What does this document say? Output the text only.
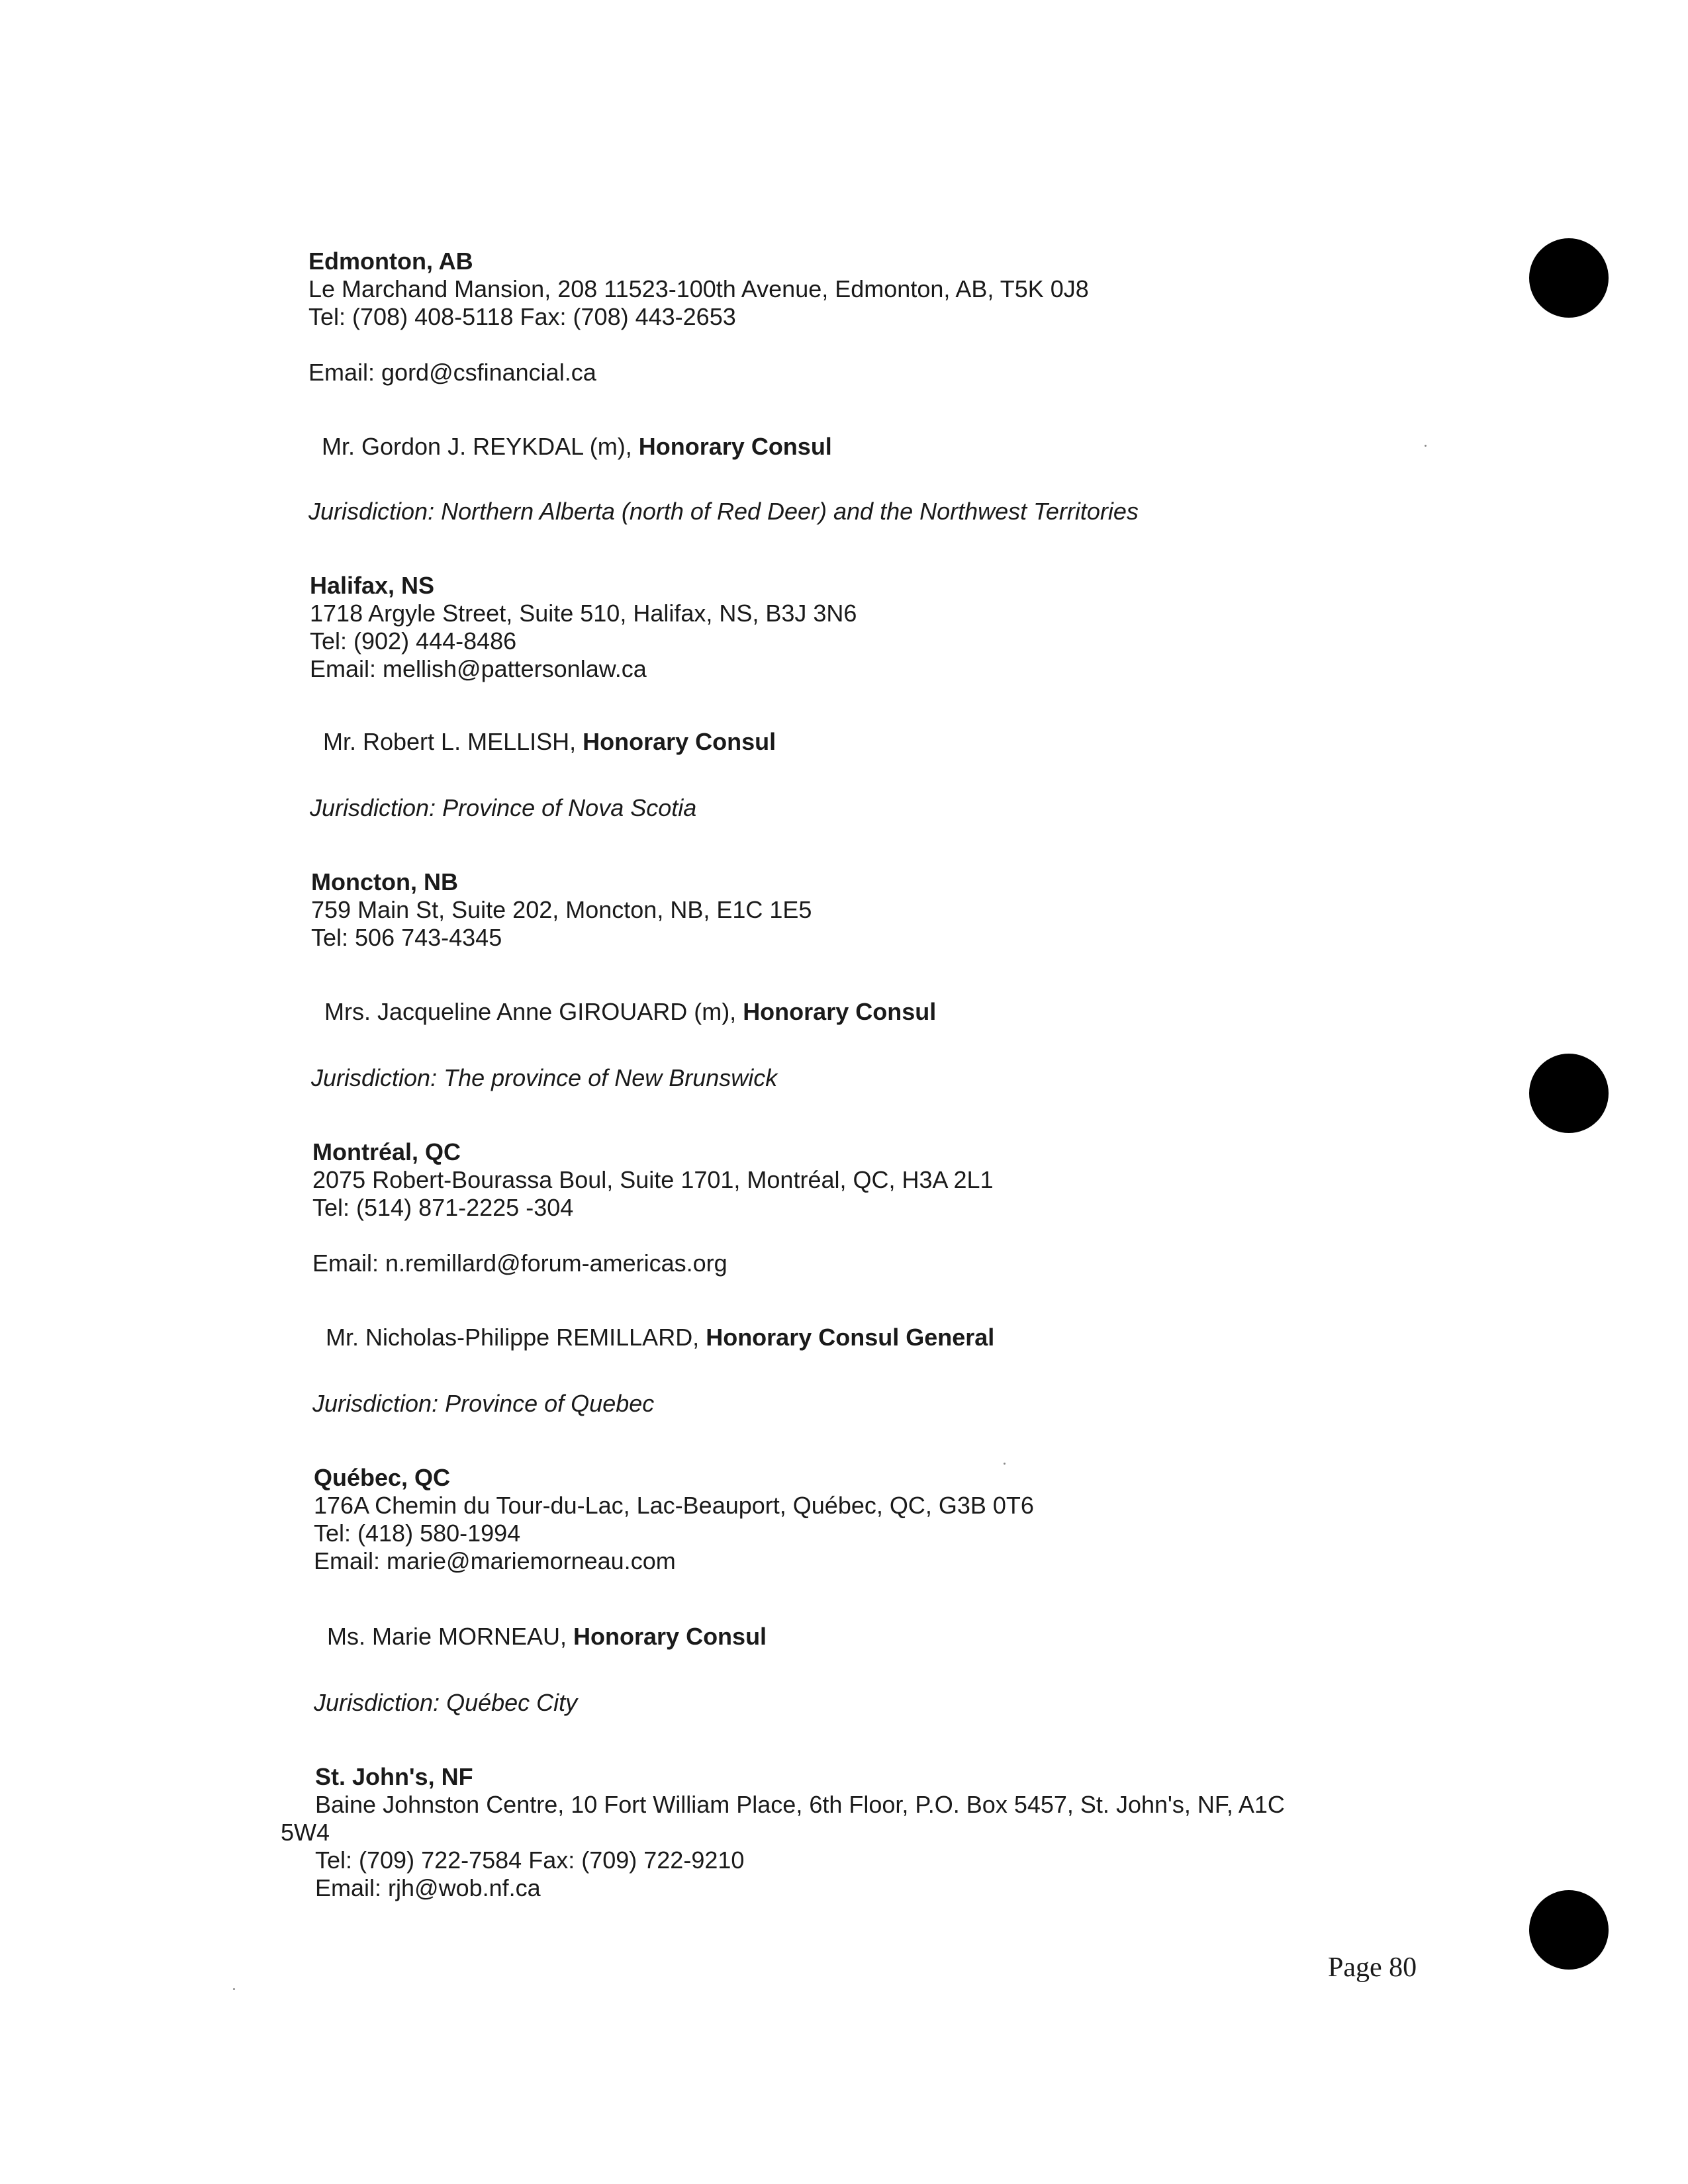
Edmonton, AB
Le Marchand Mansion, 208 11523-100th Avenue, Edmonton, AB, T5K 0J8
Tel: (708) 408-5118 Fax: (708) 443-2653
Email: gord@csfinancial.ca
Mr. Gordon J. REYKDAL (m), Honorary Consul
Jurisdiction: Northern Alberta (north of Red Deer) and the Northwest Territories
Halifax, NS
1718 Argyle Street, Suite 510, Halifax, NS, B3J 3N6
Tel: (902) 444-8486
Email: mellish@pattersonlaw.ca
Mr. Robert L. MELLISH, Honorary Consul
Jurisdiction: Province of Nova Scotia
Moncton, NB
759 Main St, Suite 202, Moncton, NB, E1C 1E5
Tel: 506 743-4345
Mrs. Jacqueline Anne GIROUARD (m), Honorary Consul
Jurisdiction: The province of New Brunswick
Montréal, QC
2075 Robert-Bourassa Boul, Suite 1701, Montréal, QC, H3A 2L1
Tel: (514) 871-2225 -304
Email: n.remillard@forum-americas.org
Mr. Nicholas-Philippe REMILLARD, Honorary Consul General
Jurisdiction: Province of Quebec
Québec, QC
176A Chemin du Tour-du-Lac, Lac-Beauport, Québec, QC, G3B 0T6
Tel: (418) 580-1994
Email: marie@mariemorneau.com
Ms. Marie MORNEAU, Honorary Consul
Jurisdiction: Québec City
St. John's, NF
Baine Johnston Centre, 10 Fort William Place, 6th Floor, P.O. Box 5457, St. John's, NF, A1C
5W4
Tel: (709) 722-7584 Fax: (709) 722-9210
Email: rjh@wob.nf.ca
Page 80
